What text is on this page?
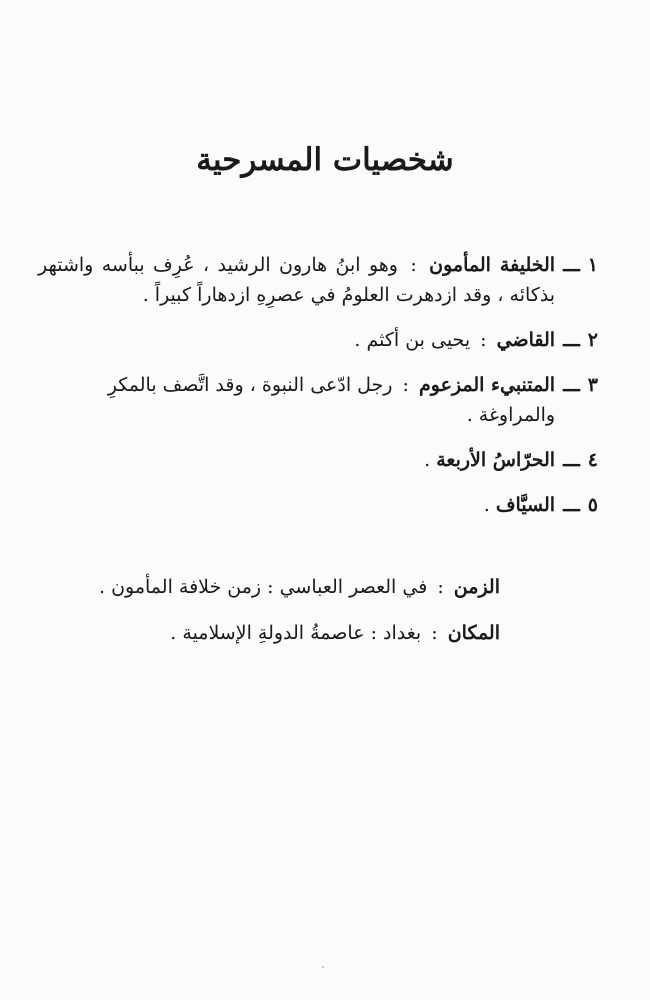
شخصيات المسرحية
١
ـــ
الخليفة المأمون : وهو ابنُ هارون الرشيد ، عُرِف ببأسه واشتهر بذكائه ، وقد ازدهرت العلومُ في عصرِهِ ازدهاراً كبيراً .
٢
ـــ
القاضي : يحيى بن أكثم .
٣
ـــ
المتنبيء المزعوم : رجل ادّعى النبوة ، وقد اتَّصف بالمكرِ والمراوغة .
٤
ـــ
الحرّاسُ الأربعة .
٥
ـــ
السيَّاف .
الزمن : في العصر العباسي : زمن خلافة المأمون .
المكان : بغداد : عاصمةُ الدولةِ الإسلامية .
